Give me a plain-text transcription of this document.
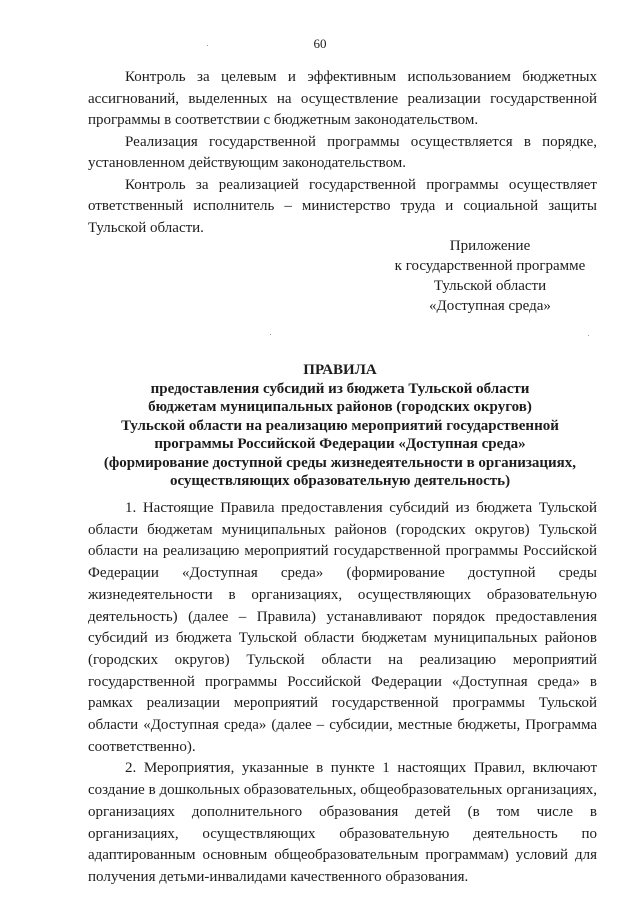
60

Контроль за целевым и эффективным использованием бюджетных ассигнований, выделенных на осуществление реализации государственной программы в соответствии с бюджетным законодательством.

Реализация государственной программы осуществляется в порядке, установленном действующим законодательством.

Контроль за реализацией государственной программы осуществляет ответственный исполнитель – министерство труда и социальной защиты Тульской области.

Приложение
к государственной программе
Тульской области
«Доступная среда»
ПРАВИЛА
предоставления субсидий из бюджета Тульской области
бюджетам муниципальных районов (городских округов)
Тульской области на реализацию мероприятий государственной
программы Российской Федерации «Доступная среда»
(формирование доступной среды жизнедеятельности в организациях,
осуществляющих образовательную деятельность)

1. Настоящие Правила предоставления субсидий из бюджета Тульской области бюджетам муниципальных районов (городских округов) Тульской области на реализацию мероприятий государственной программы Российской Федерации «Доступная среда» (формирование доступной среды жизнедеятельности в организациях, осуществляющих образовательную деятельность) (далее – Правила) устанавливают порядок предоставления субсидий из бюджета Тульской области бюджетам муниципальных районов (городских округов) Тульской области на реализацию мероприятий государственной программы Российской Федерации «Доступная среда» в рамках реализации мероприятий государственной программы Тульской области «Доступная среда» (далее – субсидии, местные бюджеты, Программа соответственно).

2. Мероприятия, указанные в пункте 1 настоящих Правил, включают создание в дошкольных образовательных, общеобразовательных организациях, организациях дополнительного образования детей (в том числе в организациях, осуществляющих образовательную деятельность по адаптированным основным общеобразовательным программам) условий для получения детьми-инвалидами качественного образования.
